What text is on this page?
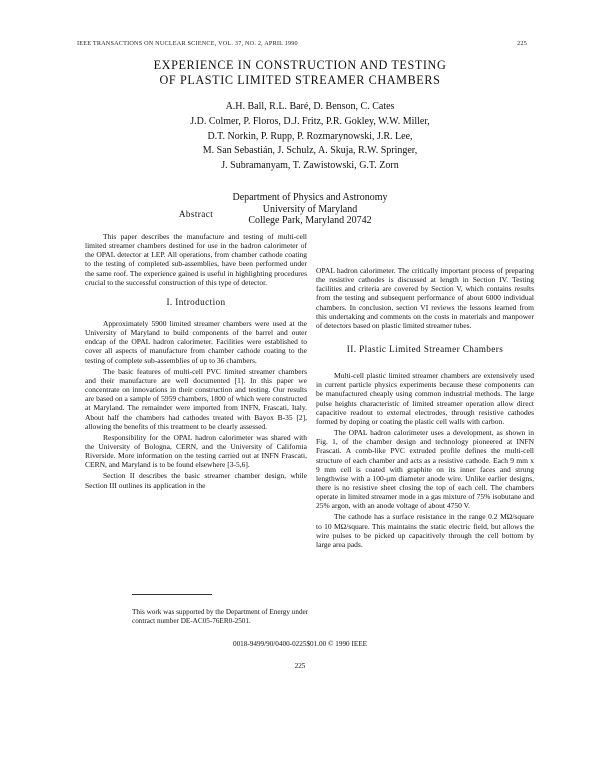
IEEE TRANSACTIONS ON NUCLEAR SCIENCE, VOL. 37, NO. 2, APRIL 1990	225
EXPERIENCE IN CONSTRUCTION AND TESTING
OF PLASTIC LIMITED STREAMER CHAMBERS
A.H. Ball, R.L. Baré, D. Benson, C. Cates
J.D. Colmer, P. Floros, D.J. Fritz, P.R. Gokley, W.W. Miller,
D.T. Norkin, P. Rupp, P. Rozmarynowski, J.R. Lee,
M. San Sebastián, J. Schulz, A. Skuja, R.W. Springer,
J. Subramanyam, T. Zawistowski, G.T. Zorn
Department of Physics and Astronomy
University of Maryland
College Park, Maryland 20742
Abstract

This paper describes the manufacture and testing of multi-cell limited streamer chambers destined for use in the hadron calorimeter of the OPAL detector at LEP. All operations, from chamber cathode coating to the testing of completed sub-assemblies, have been performed under the same roof. The experience gained is useful in highlighting procedures crucial to the successful construction of this type of detector.

I. Introduction

Approximately 5900 limited streamer chambers were used at the University of Maryland to build components of the barrel and outer endcap of the OPAL hadron calorimeter. Facilities were established to cover all aspects of manufacture from chamber cathode coating to the testing of complete sub-assemblies of up to 36 chambers.

The basic features of multi-cell PVC limited streamer chambers and their manufacture are well documented [1]. In this paper we concentrate on innovations in their construction and testing. Our results are based on a sample of 5959 chambers, 1800 of which were constructed at Maryland. The remainder were imported from INFN, Frascati, Italy. About half the chambers had cathodes treated with Bayox B-35 [2], allowing the benefits of this treatment to be clearly assessed.

Responsibility for the OPAL hadron calorimeter was shared with the University of Bologna, CERN, and the University of California Riverside. More information on the testing carried out at INFN Frascati, CERN, and Maryland is to be found elsewhere [3-5,6].

Section II describes the basic streamer chamber design, while Section III outlines its application in the

OPAL hadron calorimeter. The critically important process of preparing the resistive cathodes is discussed at length in Section IV. Testing facilities and criteria are covered by Section V, which contains results from the testing and subsequent performance of about 6000 individual chambers. In conclusion, section VI reviews the lessons learned from this undertaking and comments on the costs in materials and manpower of detectors based on plastic limited streamer tubes.

II. Plastic Limited Streamer Chambers

Multi-cell plastic limited streamer chambers are extensively used in current particle physics experiments because these components can be manufactured cheaply using common industrial methods. The large pulse heights characteristic of limited streamer operation allow direct capacitive readout to external electrodes, through resistive cathodes formed by doping or coating the plastic cell walls with carbon.

The OPAL hadron calorimeter uses a development, as shown in Fig. 1, of the chamber design and technology pioneered at INFN Frascati. A comb-like PVC extruded profile defines the multi-cell structure of each chamber and acts as a resistive cathode. Each 9 mm x 9 mm cell is coated with graphite on its inner faces and strung lengthwise with a 100-μm diameter anode wire. Unlike earlier designs, there is no resistive sheet closing the top of each cell. The chambers operate in limited streamer mode in a gas mixture of 75% isobutane and 25% argon, with an anode voltage of about 4750 V.

The cathode has a surface resistance in the range 0.2 MΩ/square to 10 MΩ/square. This maintains the static electric field, but allows the wire pulses to be picked up capacitively through the cell bottom by large area pads.

This work was supported by the Department of Energy under contract number DE-AC05-76ER0-2501.
0018-9499/90/0400-0225$01.00 © 1990 IEEE
225
